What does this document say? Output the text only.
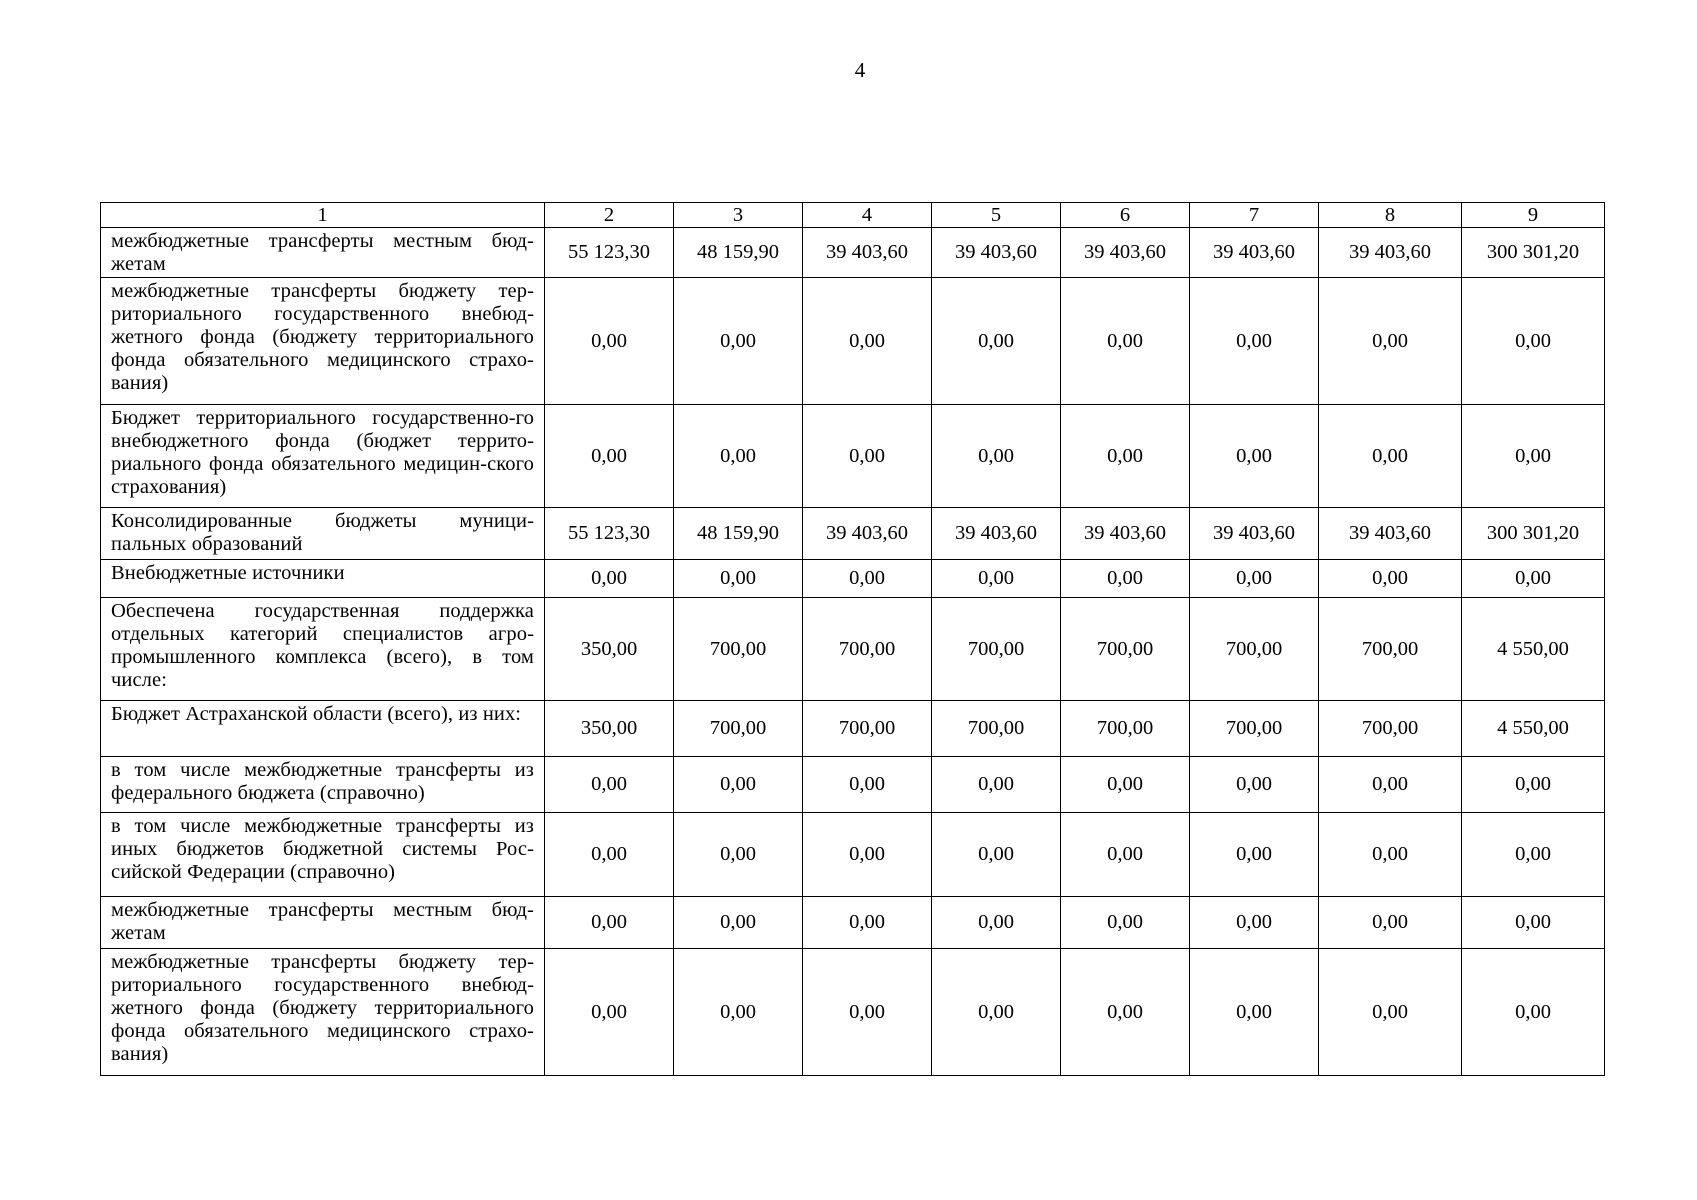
4
1	2	3	4	5	6	7	8	9
межбюджетные трансферты местным бюд-жетам	55 123,30	48 159,90	39 403,60	39 403,60	39 403,60	39 403,60	39 403,60	300 301,20
межбюджетные трансферты бюджету тер-риториального государственного внебюд-жетного фонда (бюджету территориального фонда обязательного медицинского страхо-вания)	0,00	0,00	0,00	0,00	0,00	0,00	0,00	0,00
Бюджет территориального государственно-го внебюджетного фонда (бюджет террито-риального фонда обязательного медицин-ского страхования)	0,00	0,00	0,00	0,00	0,00	0,00	0,00	0,00
Консолидированные бюджеты муници-пальных образований	55 123,30	48 159,90	39 403,60	39 403,60	39 403,60	39 403,60	39 403,60	300 301,20
Внебюджетные источники	0,00	0,00	0,00	0,00	0,00	0,00	0,00	0,00
Обеспечена государственная поддержка отдельных категорий специалистов агро-промышленного комплекса (всего), в том числе:	350,00	700,00	700,00	700,00	700,00	700,00	700,00	4 550,00
Бюджет Астраханской области (всего), из них:	350,00	700,00	700,00	700,00	700,00	700,00	700,00	4 550,00
в том числе межбюджетные трансферты из федерального бюджета (справочно)	0,00	0,00	0,00	0,00	0,00	0,00	0,00	0,00
в том числе межбюджетные трансферты из иных бюджетов бюджетной системы Рос-сийской Федерации (справочно)	0,00	0,00	0,00	0,00	0,00	0,00	0,00	0,00
межбюджетные трансферты местным бюд-жетам	0,00	0,00	0,00	0,00	0,00	0,00	0,00	0,00
межбюджетные трансферты бюджету тер-риториального государственного внебюд-жетного фонда (бюджету территориального фонда обязательного медицинского страхо-вания)	0,00	0,00	0,00	0,00	0,00	0,00	0,00	0,00
